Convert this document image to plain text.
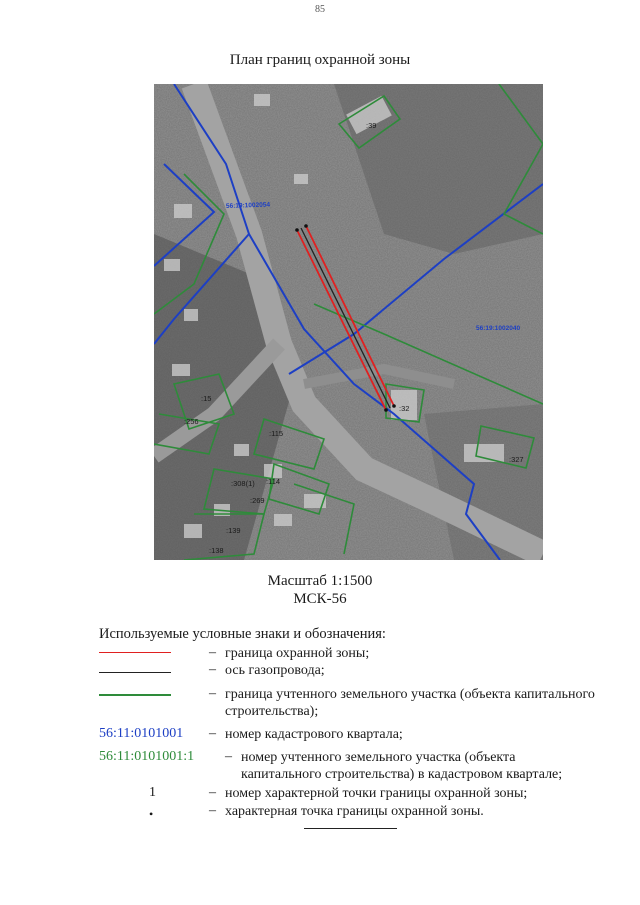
85
План границ охранной зоны
56:19:1002054
56:19:1002040
:39
:32
:327
:15
:256
:115
:308(1) :114
:269
:139
:138
Масштаб 1:1500
МСК-56
Используемые условные знаки и обозначения:
– граница охранной зоны;
– ось газопровода;
– граница учтенного земельного участка (объекта капитального строительства);
56:11:0101001	– номер кадастрового квартала;
56:11:0101001:1	– номер учтенного земельного участка (объекта капитального строительства) в кадастровом квартале;
1	– номер характерной точки границы охранной зоны;
•	– характерная точка границы охранной зоны.
